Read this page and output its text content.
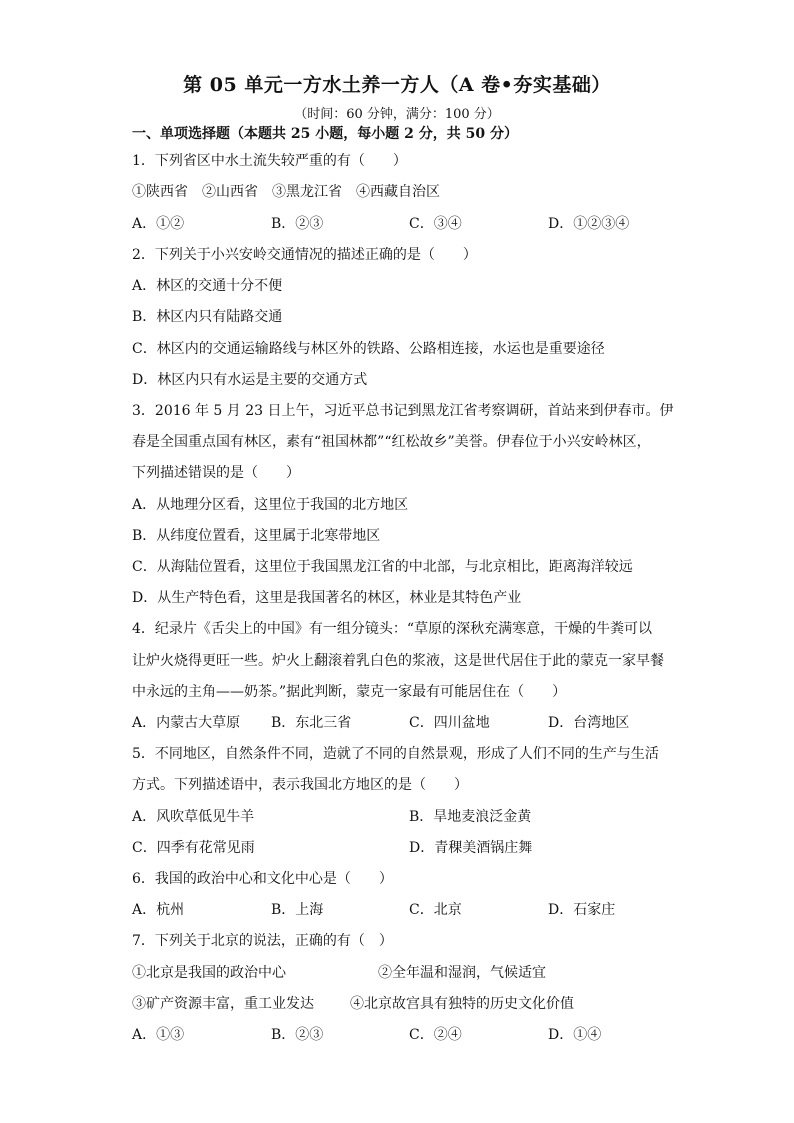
第 05 单元一方水土养一方人（A 卷•夯实基础）
（时间：60 分钟，满分：100 分）
一、单项选择题（本题共 25 小题，每小题 2 分，共 50 分）
1．下列省区中水土流失较严重的有（　　）
①陕西省　②山西省　③黑龙江省　④西藏自治区
A．①②	B．②③	C．③④	D．①②③④
2．下列关于小兴安岭交通情况的描述正确的是（　　）
A．林区的交通十分不便
B．林区内只有陆路交通
C．林区内的交通运输路线与林区外的铁路、公路相连接，水运也是重要途径
D．林区内只有水运是主要的交通方式
3．2016 年 5 月 23 日上午，习近平总书记到黑龙江省考察调研，首站来到伊春市。伊
春是全国重点国有林区，素有“祖国林都”“红松故乡”美誉。伊春位于小兴安岭林区，
下列描述错误的是（　　）
A．从地理分区看，这里位于我国的北方地区
B．从纬度位置看，这里属于北寒带地区
C．从海陆位置看，这里位于我国黑龙江省的中北部，与北京相比，距离海洋较远
D．从生产特色看，这里是我国著名的林区，林业是其特色产业
4．纪录片《舌尖上的中国》有一组分镜头：“草原的深秋充满寒意，干燥的牛粪可以
让炉火烧得更旺一些。炉火上翻滚着乳白色的浆液，这是世代居住于此的蒙克一家早餐
中永远的主角——奶茶。”据此判断，蒙克一家最有可能居住在（　　）
A．内蒙古大草原 B．东北三省	C．四川盆地	D．台湾地区
5．不同地区，自然条件不同，造就了不同的自然景观，形成了人们不同的生产与生活
方式。下列描述语中，表示我国北方地区的是（　　）
A．风吹草低见牛羊	B．旱地麦浪泛金黄
C．四季有花常见雨	D．青稞美酒锅庄舞
6．我国的政治中心和文化中心是（　　）
A．杭州	B．上海	C．北京	D．石家庄
7．下列关于北京的说法，正确的有（　）
①北京是我国的政治中心	②全年温和湿润，气候适宜
③矿产资源丰富，重工业发达	④北京故宫具有独特的历史文化价值
A．①③	B．②③	C．②④	D．①④
